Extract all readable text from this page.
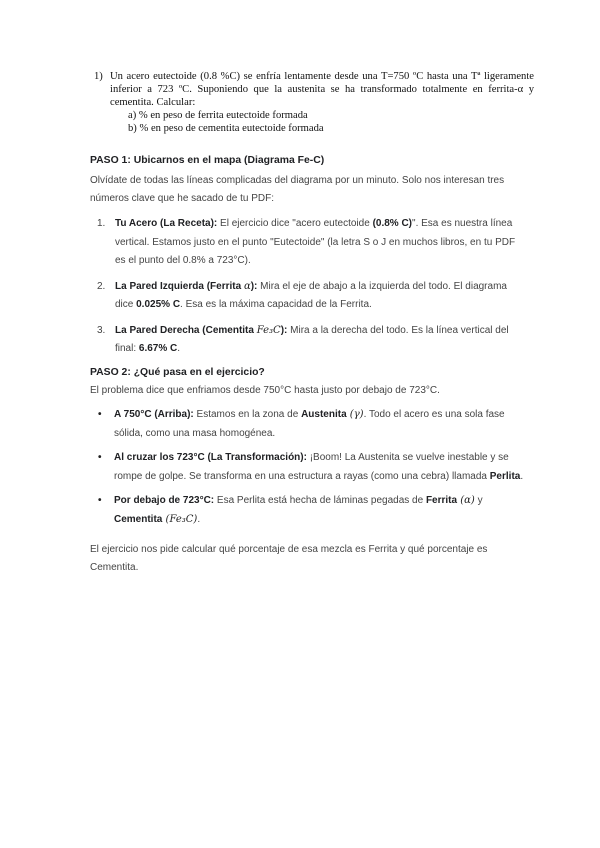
1) Un acero eutectoide (0.8 %C) se enfría lentamente desde una T=750 ºC hasta una Tª ligeramente inferior a 723 ºC. Suponiendo que la austenita se ha transformado totalmente en ferrita-α y cementita. Calcular:
a) % en peso de ferrita eutectoide formada
b) % en peso de cementita eutectoide formada
PASO 1: Ubicarnos en el mapa (Diagrama Fe-C)
Olvídate de todas las líneas complicadas del diagrama por un minuto. Solo nos interesan tres números clave que he sacado de tu PDF:
1. Tu Acero (La Receta): El ejercicio dice "acero eutectoide (0.8% C)". Esa es nuestra línea vertical. Estamos justo en el punto "Eutectoide" (la letra S o J en muchos libros, en tu PDF es el punto del 0.8% a 723°C).
2. La Pared Izquierda (Ferrita α): Mira el eje de abajo a la izquierda del todo. El diagrama dice 0.025% C. Esa es la máxima capacidad de la Ferrita.
3. La Pared Derecha (Cementita Fe₃C): Mira a la derecha del todo. Es la línea vertical del final: 6.67% C.
PASO 2: ¿Qué pasa en el ejercicio?
El problema dice que enfriamos desde 750°C hasta justo por debajo de 723°C.
• A 750°C (Arriba): Estamos en la zona de Austenita (γ). Todo el acero es una sola fase sólida, como una masa homogénea.
• Al cruzar los 723°C (La Transformación): ¡Boom! La Austenita se vuelve inestable y se rompe de golpe. Se transforma en una estructura a rayas (como una cebra) llamada Perlita.
• Por debajo de 723°C: Esa Perlita está hecha de láminas pegadas de Ferrita (α) y Cementita (Fe₃C).
El ejercicio nos pide calcular qué porcentaje de esa mezcla es Ferrita y qué porcentaje es Cementita.
